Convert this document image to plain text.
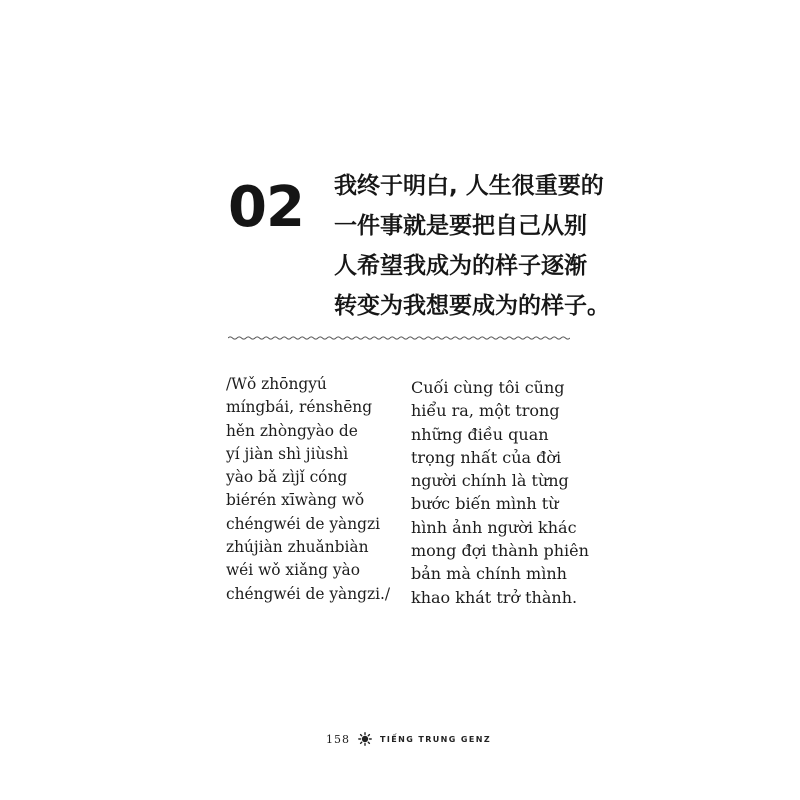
02 我终于明白, 人生很重要的
一件事就是要把自己从别
人希望我成为的样子逐渐
转变为我想要成为的样子。
/Wǒ zhōngyú
míngbái, rénshēng
hěn zhòngyào de
yí jiàn shì jiùshì
yào bǎ zìjǐ cóng
biérén xīwàng wǒ
chéngwéi de yàngzi
zhújiàn zhuǎnbiàn
wéi wǒ xiǎng yào
chéngwéi de yàngzi./
Cuối cùng tôi cũng
hiểu ra, một trong
những điều quan
trọng nhất của đời
người chính là từng
bước biến mình từ
hình ảnh người khác
mong đợi thành phiên
bản mà chính mình
khao khát trở thành.
158	TIẾNG TRUNG GENZ
